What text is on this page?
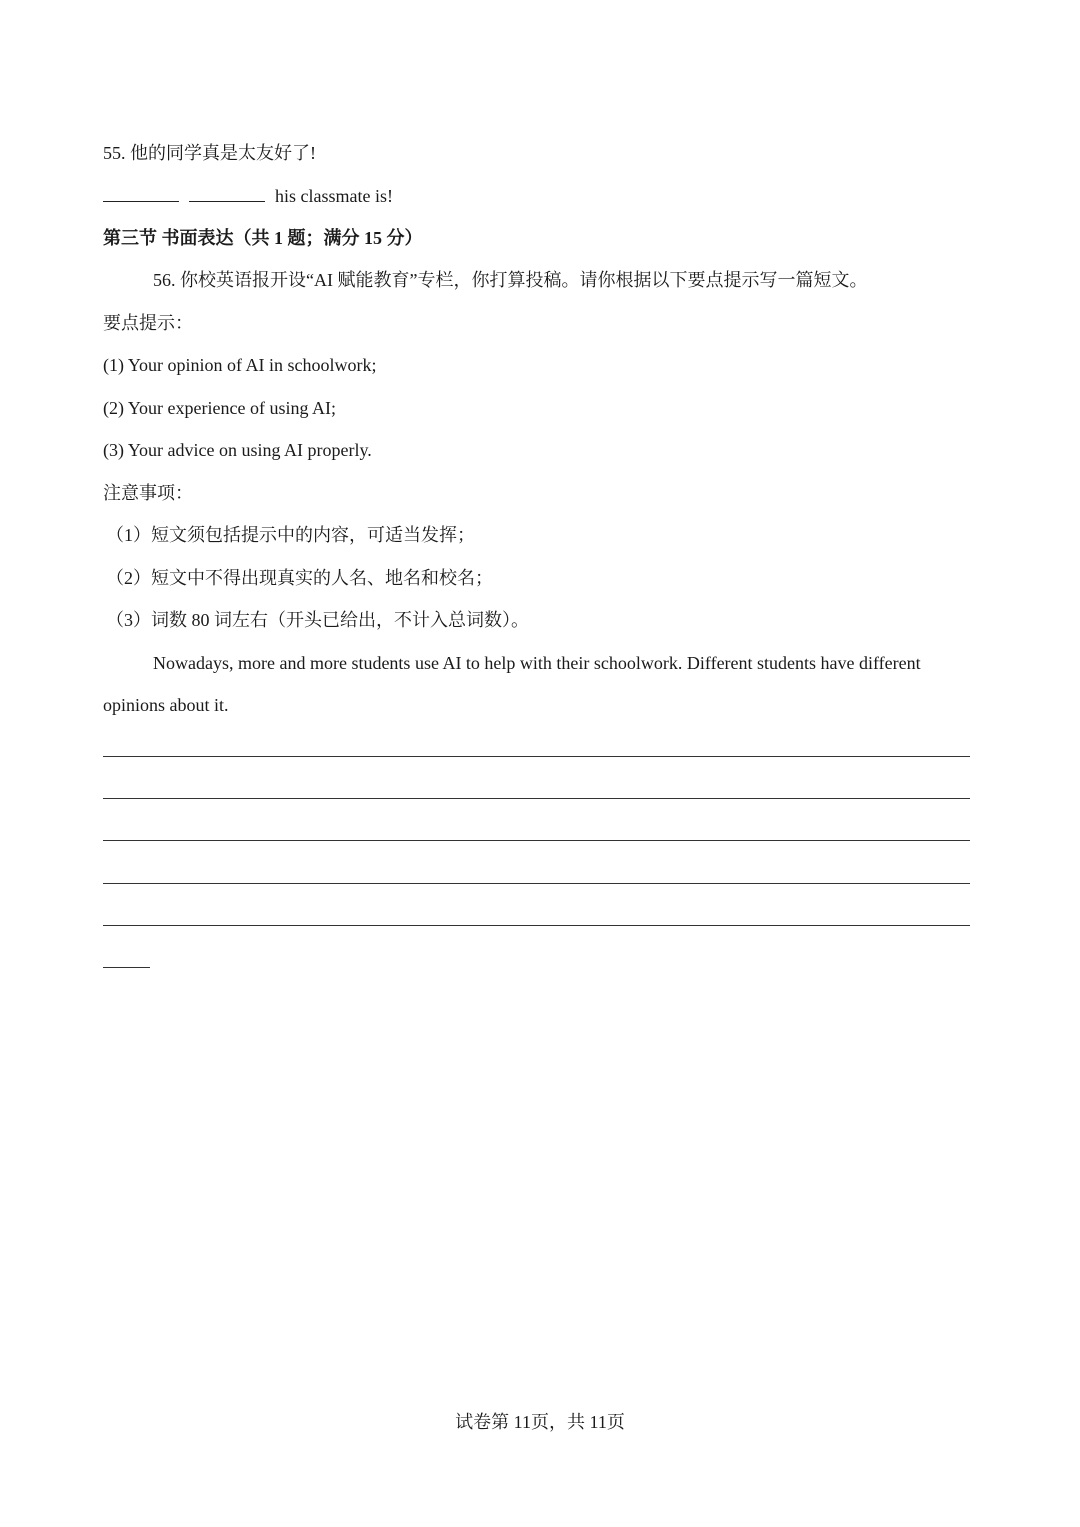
55. 他的同学真是太友好了!
his classmate is!
第三节 书面表达（共 1 题；满分 15 分）
56. 你校英语报开设“AI 赋能教育”专栏，你打算投稿。请你根据以下要点提示写一篇短文。
要点提示：
(1) Your opinion of AI in schoolwork;
(2) Your experience of using AI;
(3) Your advice on using AI properly.
注意事项：
（1）短文须包括提示中的内容，可适当发挥；
（2）短文中不得出现真实的人名、地名和校名；
（3）词数 80 词左右（开头已给出，不计入总词数）。
Nowadays, more and more students use AI to help with their schoolwork. Different students have different
opinions about it.
试卷第 11页，共 11页
